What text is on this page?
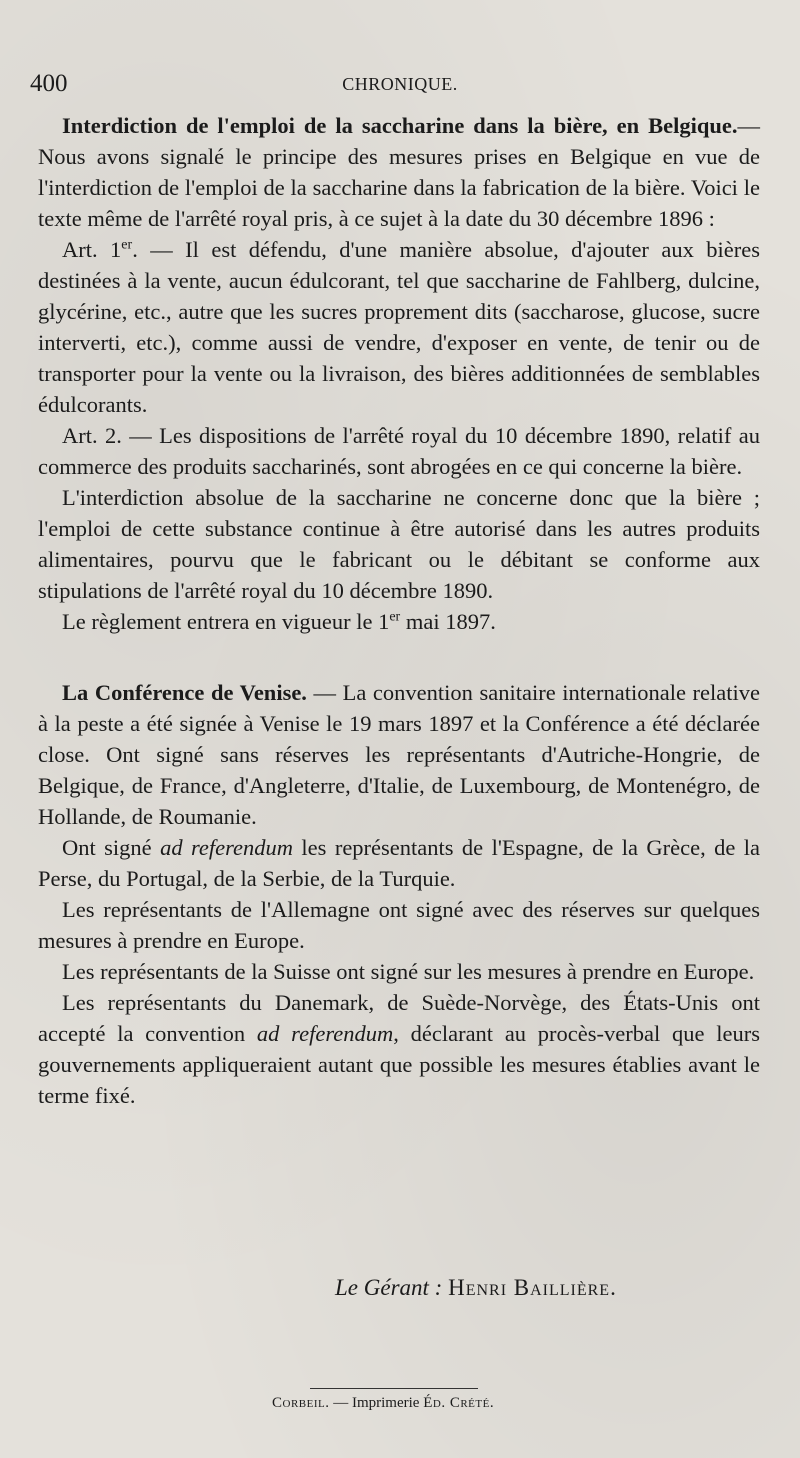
400	CHRONIQUE.

Interdiction de l'emploi de la saccharine dans la bière, en Belgique.— Nous avons signalé le principe des mesures prises en Belgique en vue de l'interdiction de l'emploi de la saccharine dans la fabrication de la bière. Voici le texte même de l'arrêté royal pris, à ce sujet à la date du 30 décembre 1896 :

Art. 1er. — Il est défendu, d'une manière absolue, d'ajouter aux bières destinées à la vente, aucun édulcorant, tel que saccharine de Fahlberg, dulcine, glycérine, etc., autre que les sucres proprement dits (saccharose, glucose, sucre interverti, etc.), comme aussi de vendre, d'exposer en vente, de tenir ou de transporter pour la vente ou la livraison, des bières additionnées de semblables édulcorants.

Art. 2. — Les dispositions de l'arrêté royal du 10 décembre 1890, relatif au commerce des produits saccharinés, sont abrogées en ce qui concerne la bière.

L'interdiction absolue de la saccharine ne concerne donc que la bière ; l'emploi de cette substance continue à être autorisé dans les autres produits alimentaires, pourvu que le fabricant ou le débitant se conforme aux stipulations de l'arrêté royal du 10 décembre 1890.

Le règlement entrera en vigueur le 1er mai 1897.

La Conférence de Venise. — La convention sanitaire internationale relative à la peste a été signée à Venise le 19 mars 1897 et la Conférence a été déclarée close. Ont signé sans réserves les représentants d'Autriche-Hongrie, de Belgique, de France, d'Angleterre, d'Italie, de Luxembourg, de Montenégro, de Hollande, de Roumanie.

Ont signé ad referendum les représentants de l'Espagne, de la Grèce, de la Perse, du Portugal, de la Serbie, de la Turquie.

Les représentants de l'Allemagne ont signé avec des réserves sur quelques mesures à prendre en Europe.

Les représentants de la Suisse ont signé sur les mesures à prendre en Europe.

Les représentants du Danemark, de Suède-Norvège, des États-Unis ont accepté la convention ad referendum, déclarant au procès-verbal que leurs gouvernements appliqueraient autant que possible les mesures établies avant le terme fixé.

Le Gérant : Henri Baillière.
Corbeil. — Imprimerie Éd. Crété.
